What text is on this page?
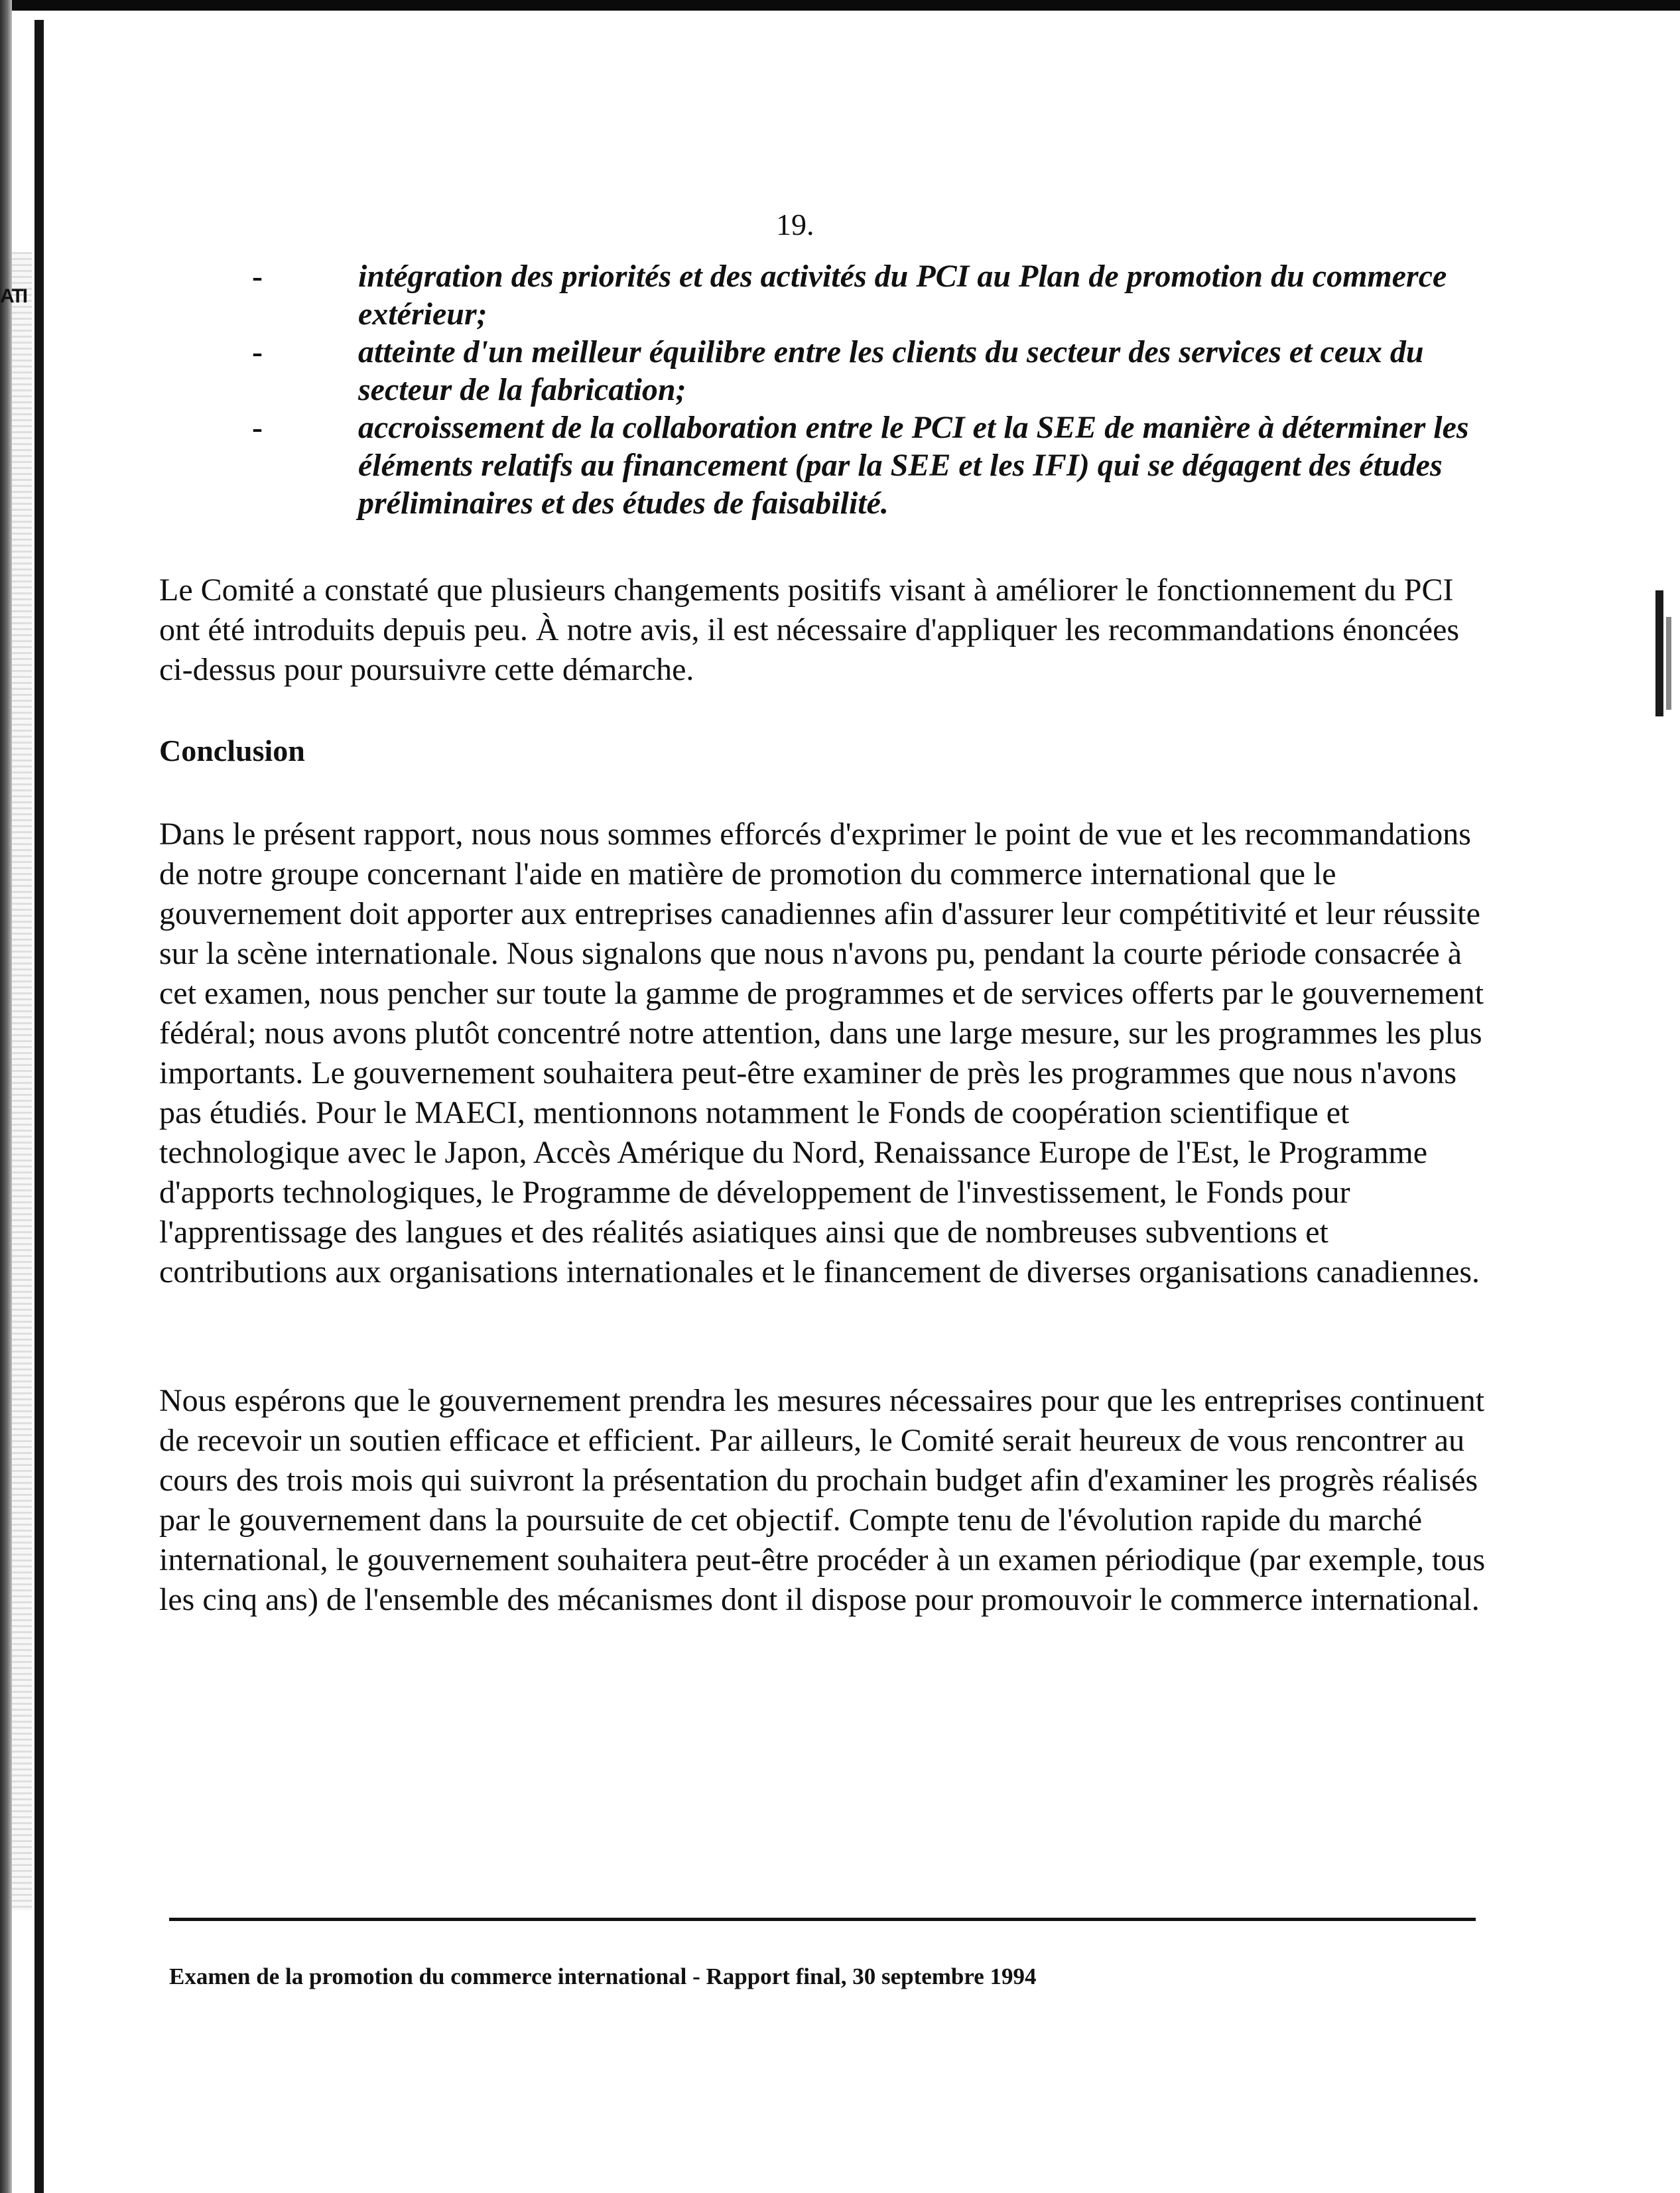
ATI
19.
-	intégration des priorités et des activités du PCI au Plan de promotion du commerce extérieur;
-	atteinte d'un meilleur équilibre entre les clients du secteur des services et ceux du secteur de la fabrication;
-	accroissement de la collaboration entre le PCI et la SEE de manière à déterminer les éléments relatifs au financement (par la SEE et les IFI) qui se dégagent des études préliminaires et des études de faisabilité.

Le Comité a constaté que plusieurs changements positifs visant à améliorer le fonctionnement du PCI ont été introduits depuis peu. À notre avis, il est nécessaire d'appliquer les recommandations énoncées ci-dessus pour poursuivre cette démarche.

Conclusion

Dans le présent rapport, nous nous sommes efforcés d'exprimer le point de vue et les recommandations de notre groupe concernant l'aide en matière de promotion du commerce international que le gouvernement doit apporter aux entreprises canadiennes afin d'assurer leur compétitivité et leur réussite sur la scène internationale. Nous signalons que nous n'avons pu, pendant la courte période consacrée à cet examen, nous pencher sur toute la gamme de programmes et de services offerts par le gouvernement fédéral; nous avons plutôt concentré notre attention, dans une large mesure, sur les programmes les plus importants. Le gouvernement souhaitera peut-être examiner de près les programmes que nous n'avons pas étudiés. Pour le MAECI, mentionnons notamment le Fonds de coopération scientifique et technologique avec le Japon, Accès Amérique du Nord, Renaissance Europe de l'Est, le Programme d'apports technologiques, le Programme de développement de l'investissement, le Fonds pour l'apprentissage des langues et des réalités asiatiques ainsi que de nombreuses subventions et contributions aux organisations internationales et le financement de diverses organisations canadiennes.

Nous espérons que le gouvernement prendra les mesures nécessaires pour que les entreprises continuent de recevoir un soutien efficace et efficient. Par ailleurs, le Comité serait heureux de vous rencontrer au cours des trois mois qui suivront la présentation du prochain budget afin d'examiner les progrès réalisés par le gouvernement dans la poursuite de cet objectif. Compte tenu de l'évolution rapide du marché international, le gouvernement souhaitera peut-être procéder à un examen périodique (par exemple, tous les cinq ans) de l'ensemble des mécanismes dont il dispose pour promouvoir le commerce international.

Examen de la promotion du commerce international - Rapport final, 30 septembre 1994
